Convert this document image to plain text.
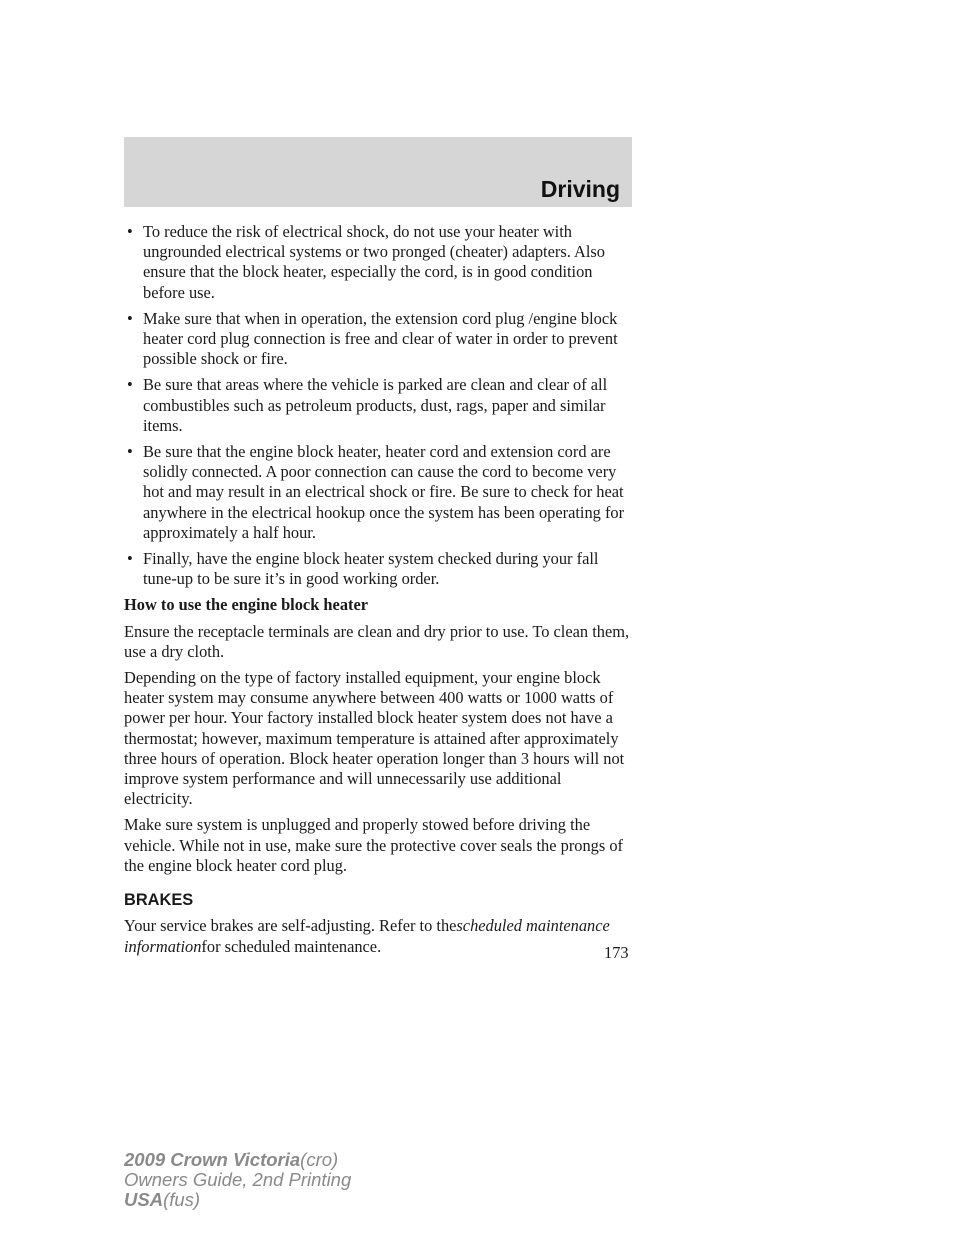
Driving
• To reduce the risk of electrical shock, do not use your heater with ungrounded electrical systems or two pronged (cheater) adapters. Also ensure that the block heater, especially the cord, is in good condition before use.
• Make sure that when in operation, the extension cord plug /engine block heater cord plug connection is free and clear of water in order to prevent possible shock or fire.
• Be sure that areas where the vehicle is parked are clean and clear of all combustibles such as petroleum products, dust, rags, paper and similar items.
• Be sure that the engine block heater, heater cord and extension cord are solidly connected. A poor connection can cause the cord to become very hot and may result in an electrical shock or fire. Be sure to check for heat anywhere in the electrical hookup once the system has been operating for approximately a half hour.
• Finally, have the engine block heater system checked during your fall tune-up to be sure it’s in good working order.

How to use the engine block heater

Ensure the receptacle terminals are clean and dry prior to use. To clean them, use a dry cloth.

Depending on the type of factory installed equipment, your engine block heater system may consume anywhere between 400 watts or 1000 watts of power per hour. Your factory installed block heater system does not have a thermostat; however, maximum temperature is attained after approximately three hours of operation. Block heater operation longer than 3 hours will not improve system performance and will unnecessarily use additional electricity.

Make sure system is unplugged and properly stowed before driving the vehicle. While not in use, make sure the protective cover seals the prongs of the engine block heater cord plug.

BRAKES

Your service brakes are self-adjusting. Refer to thescheduled maintenance informationfor scheduled maintenance.	173
2009 Crown Victoria(cro)
Owners Guide, 2nd Printing
USA(fus)
